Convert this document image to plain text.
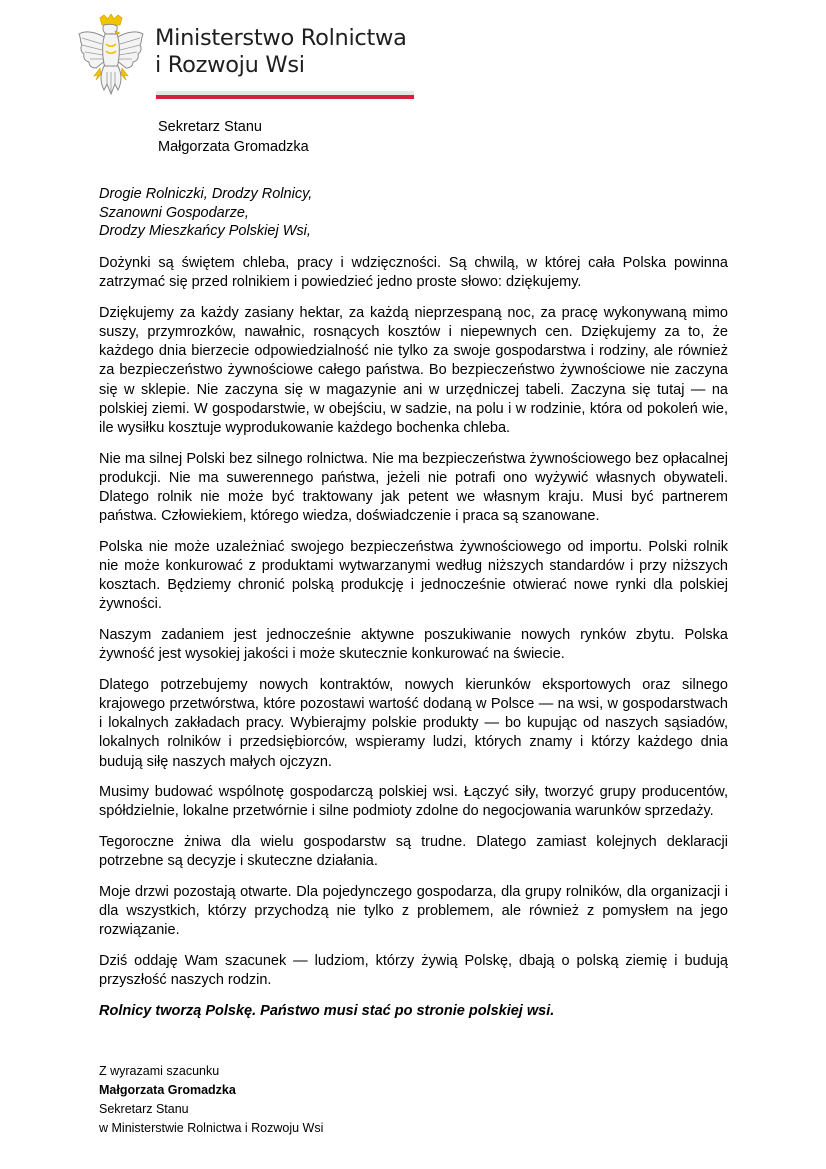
Ministerstwo Rolnictwa
i Rozwoju Wsi
Sekretarz Stanu
Małgorzata Gromadzka
Drogie Rolniczki, Drodzy Rolnicy,
Szanowni Gospodarze,
Drodzy Mieszkańcy Polskiej Wsi,

Dożynki są świętem chleba, pracy i wdzięczności. Są chwilą, w której cała Polska powinna zatrzymać się przed rolnikiem i powiedzieć jedno proste słowo: dziękujemy.

Dziękujemy za każdy zasiany hektar, za każdą nieprzespaną noc, za pracę wykonywaną mimo suszy, przymrozków, nawałnic, rosnących kosztów i niepewnych cen. Dziękujemy za to, że każdego dnia bierzecie odpowiedzialność nie tylko za swoje gospodarstwa i rodziny, ale również za bezpieczeństwo żywnościowe całego państwa. Bo bezpieczeństwo żywnościowe nie zaczyna się w sklepie. Nie zaczyna się w magazynie ani w urzędniczej tabeli. Zaczyna się tutaj — na polskiej ziemi. W gospodarstwie, w obejściu, w sadzie, na polu i w rodzinie, która od pokoleń wie, ile wysiłku kosztuje wyprodukowanie każdego bochenka chleba.

Nie ma silnej Polski bez silnego rolnictwa. Nie ma bezpieczeństwa żywnościowego bez opłacalnej produkcji. Nie ma suwerennego państwa, jeżeli nie potrafi ono wyżywić własnych obywateli. Dlatego rolnik nie może być traktowany jak petent we własnym kraju. Musi być partnerem państwa. Człowiekiem, którego wiedza, doświadczenie i praca są szanowane.

Polska nie może uzależniać swojego bezpieczeństwa żywnościowego od importu. Polski rolnik nie może konkurować z produktami wytwarzanymi według niższych standardów i przy niższych kosztach. Będziemy chronić polską produkcję i jednocześnie otwierać nowe rynki dla polskiej żywności.

Naszym zadaniem jest jednocześnie aktywne poszukiwanie nowych rynków zbytu. Polska żywność jest wysokiej jakości i może skutecznie konkurować na świecie.

Dlatego potrzebujemy nowych kontraktów, nowych kierunków eksportowych oraz silnego krajowego przetwórstwa, które pozostawi wartość dodaną w Polsce — na wsi, w gospodarstwach i lokalnych zakładach pracy. Wybierajmy polskie produkty — bo kupując od naszych sąsiadów, lokalnych rolników i przedsiębiorców, wspieramy ludzi, których znamy i którzy każdego dnia budują siłę naszych małych ojczyzn.

Musimy budować wspólnotę gospodarczą polskiej wsi. Łączyć siły, tworzyć grupy producentów, spółdzielnie, lokalne przetwórnie i silne podmioty zdolne do negocjowania warunków sprzedaży.

Tegoroczne żniwa dla wielu gospodarstw są trudne. Dlatego zamiast kolejnych deklaracji potrzebne są decyzje i skuteczne działania.

Moje drzwi pozostają otwarte. Dla pojedynczego gospodarza, dla grupy rolników, dla organizacji i dla wszystkich, którzy przychodzą nie tylko z problemem, ale również z pomysłem na jego rozwiązanie.

Dziś oddaję Wam szacunek — ludziom, którzy żywią Polskę, dbają o polską ziemię i budują przyszłość naszych rodzin.

Rolnicy tworzą Polskę. Państwo musi stać po stronie polskiej wsi.

Z wyrazami szacunku
Małgorzata Gromadzka
Sekretarz Stanu
w Ministerstwie Rolnictwa i Rozwoju Wsi
